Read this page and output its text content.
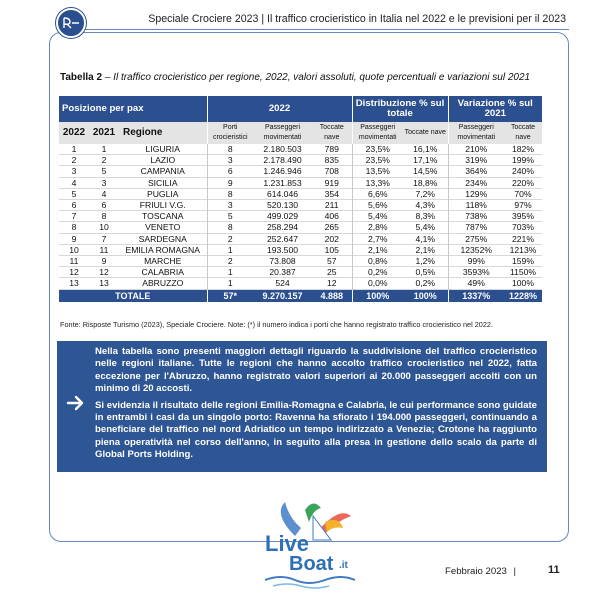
Speciale Crociere 2023 | Il traffico crocieristico in Italia nel 2022 e le previsioni per il 2023
Tabella 2 – Il traffico crocieristico per regione, 2022, valori assoluti, quote percentuali e variazioni sul 2021
Posizione per pax			2022			Distribuzione % sul totale		Variazione % sul 2021	
2022	2021	Regione	Porti crocieristici	Passeggeri movimentati	Toccate nave	Passeggeri movimentati	Toccate nave	Passeggeri movimentati	Toccate nave
1	1	LIGURIA	8	2.180.503	789	23,5%	16,1%	210%	182%
2	2	LAZIO	3	2.178.490	835	23,5%	17,1%	319%	199%
3	5	CAMPANIA	6	1.246.946	708	13,5%	14,5%	364%	240%
4	3	SICILIA	9	1.231.853	919	13,3%	18,8%	234%	220%
5	4	PUGLIA	8	614.046	354	6,6%	7,2%	129%	70%
6	6	FRIULI V.G.	3	520.130	211	5,6%	4,3%	118%	97%
7	8	TOSCANA	5	499.029	406	5,4%	8,3%	738%	395%
8	10	VENETO	8	258.294	265	2,8%	5,4%	787%	703%
9	7	SARDEGNA	2	252.647	202	2,7%	4,1%	275%	221%
10	11	EMILIA ROMAGNA	1	193.500	105	2,1%	2,1%	12352%	1213%
11	9	MARCHE	2	73.808	57	0,8%	1,2%	99%	159%
12	12	CALABRIA	1	20.387	25	0,2%	0,5%	3593%	1150%
13	13	ABRUZZO	1	524	12	0,0%	0,2%	49%	100%
TOTALE			57*	9.270.157	4.888	100%	100%	1337%	1228%
Fonte: Risposte Turismo (2023), Speciale Crociere. Note: (*) il numero indica i porti che hanno registrato traffico crocieristico nel 2022.

Nella tabella sono presenti maggiori dettagli riguardo la suddivisione del traffico crocieristico nelle regioni italiane. Tutte le regioni che hanno accolto traffico crocieristico nel 2022, fatta eccezione per l'Abruzzo, hanno registrato valori superiori ai 20.000 passeggeri accolti con un minimo di 20 accosti.

Si evidenzia il risultato delle regioni Emilia-Romagna e Calabria, le cui performance sono guidate in entrambi i casi da un singolo porto: Ravenna ha sfiorato i 194.000 passeggeri, continuando a beneficiare del traffico nel nord Adriatico un tempo indirizzato a Venezia; Crotone ha raggiunto piena operatività nel corso dell'anno, in seguito alla presa in gestione dello scalo da parte di Global Ports Holding.

Live
Boat .it
Febbraio 2023 |	11
